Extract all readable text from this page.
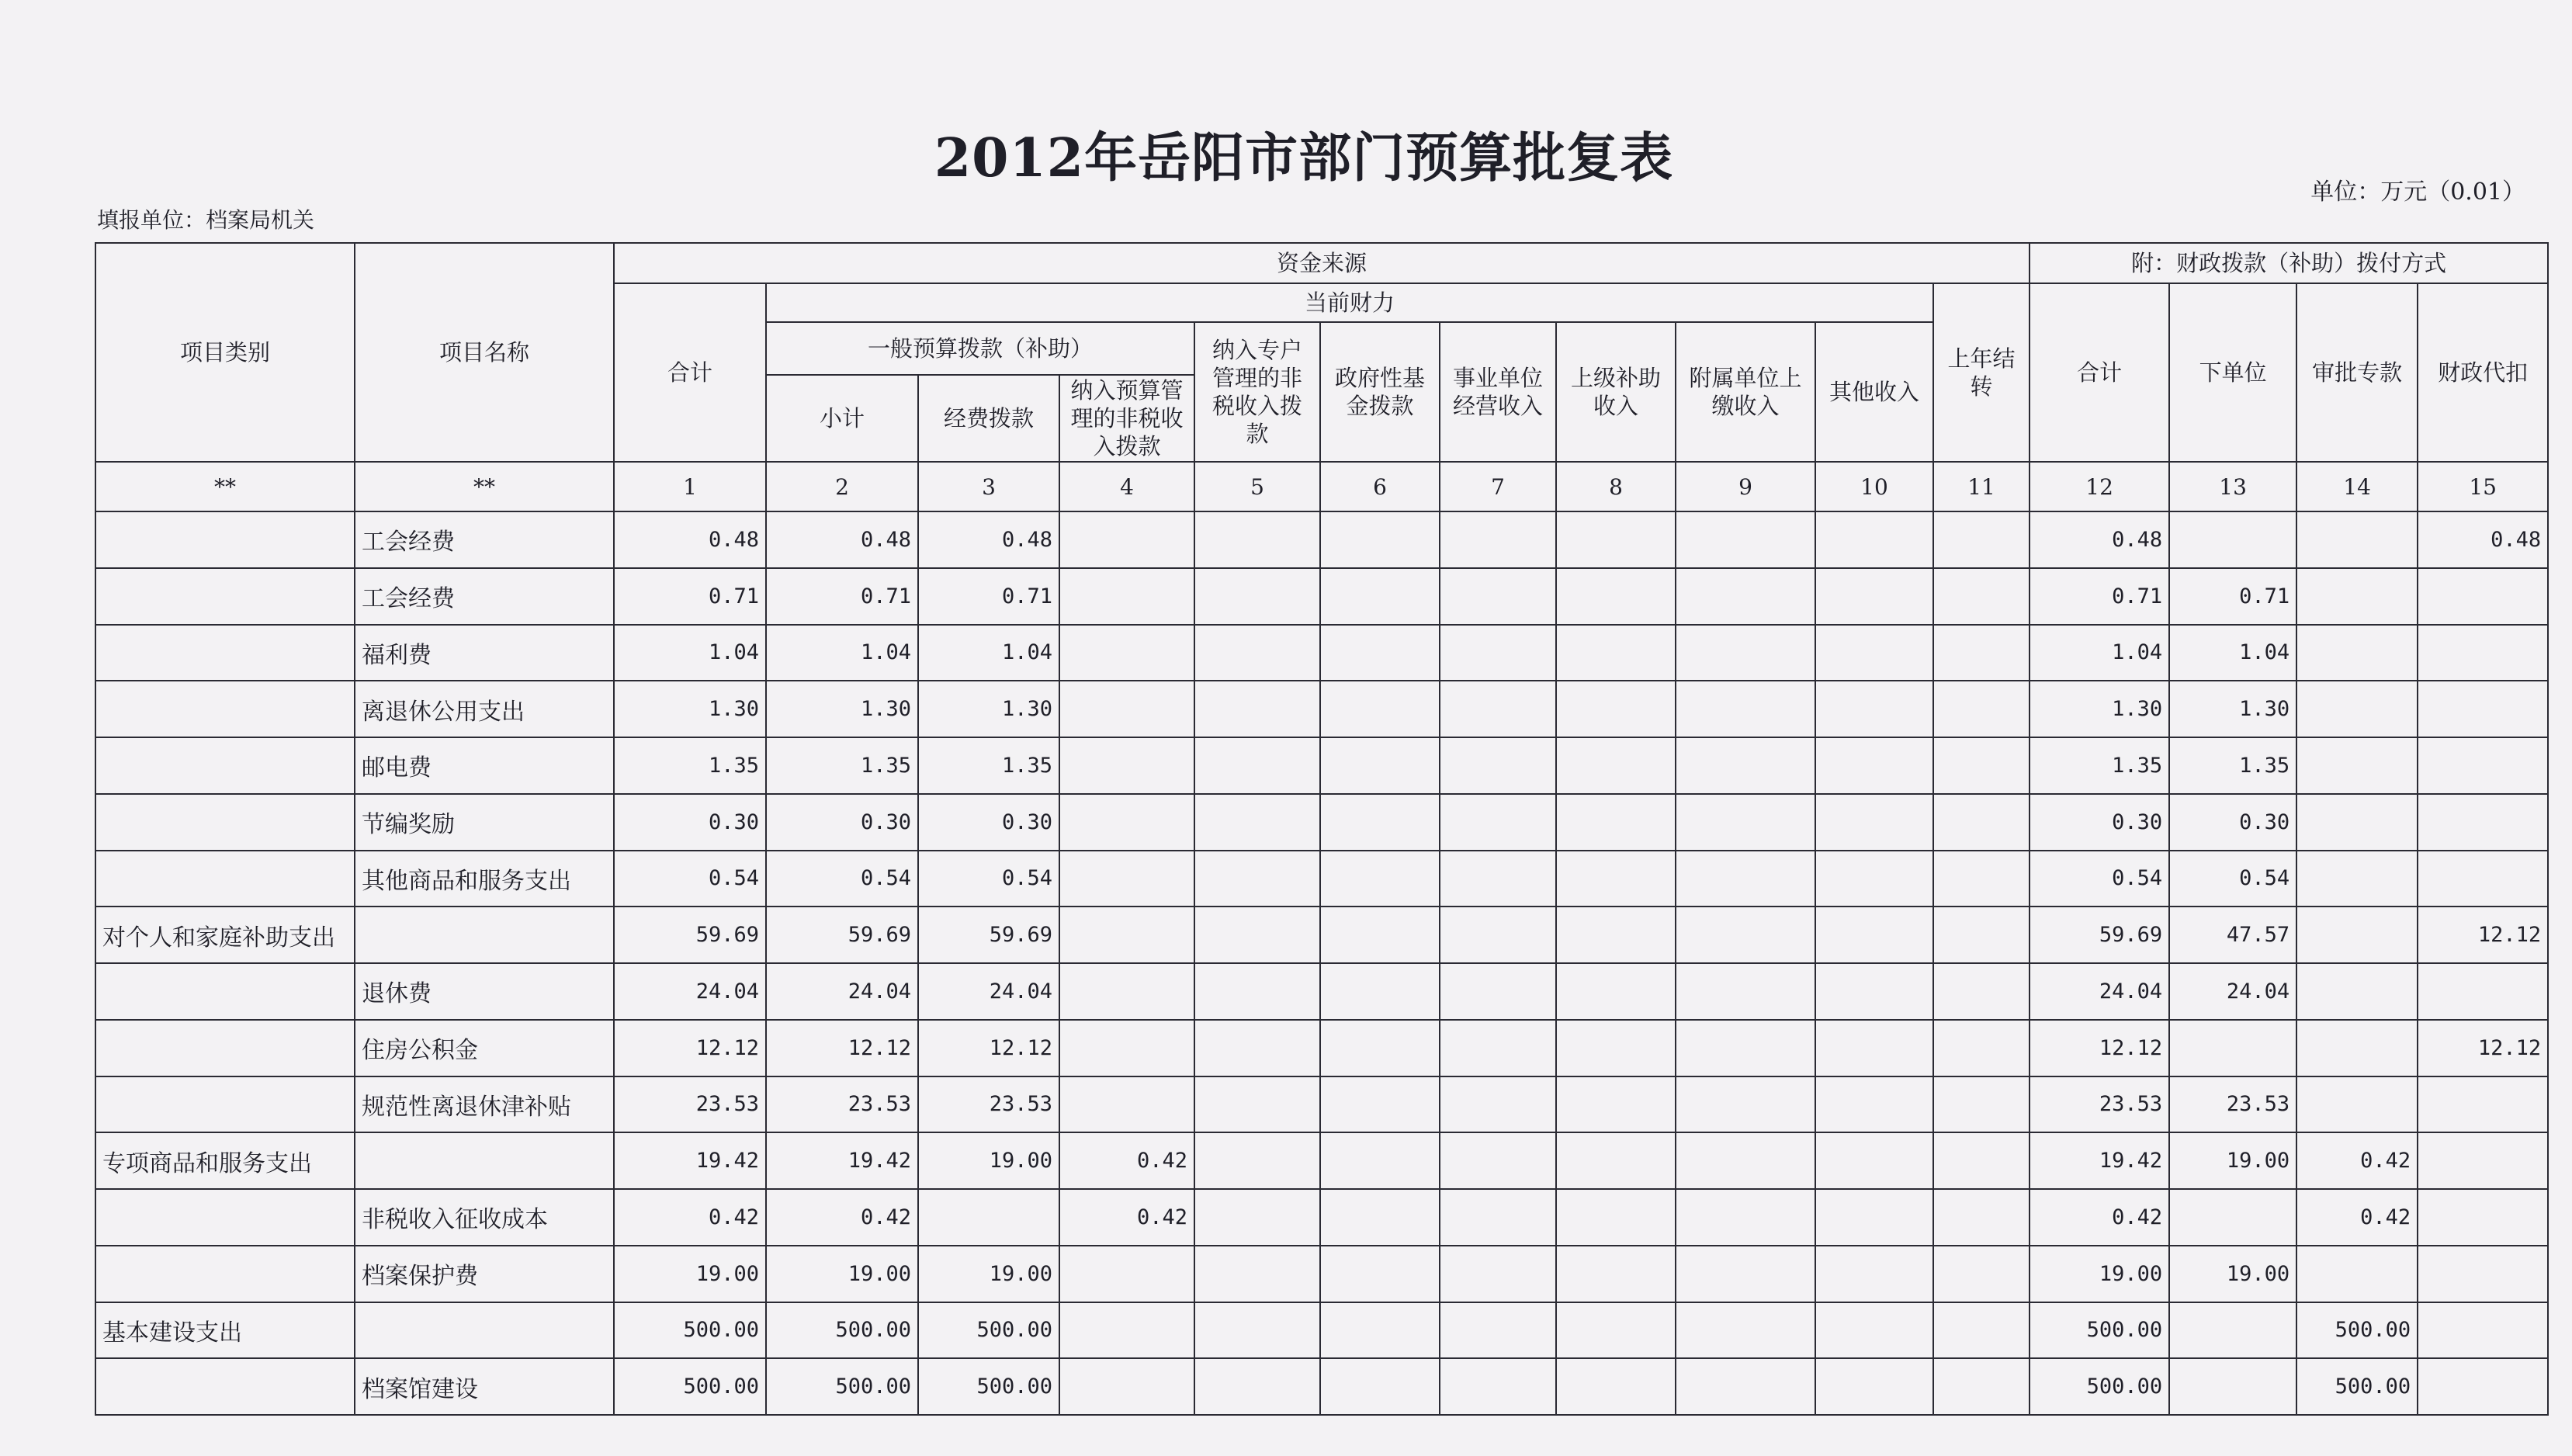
2012年岳阳市部门预算批复表
单位：万元（0.01）
填报单位：档案局机关
项目类别	项目名称	资金来源											附：财政拨款（补助）拨付方式			
		合计	当前财力									上年结转	合计	下单位	审批专款	财政代扣
			一般预算拨款（补助）			纳入专户管理的非税收入拨款	政府性基金拨款	事业单位经营收入	上级补助收入	附属单位上缴收入	其他收入					
			小计	经费拨款	纳入预算管理的非税收入拨款											
**	**	1	2	3	4	5	6	7	8	9	10	11	12	13	14	15
	工会经费	0.48	0.48	0.48									0.48			0.48
	工会经费	0.71	0.71	0.71									0.71	0.71		
	福利费	1.04	1.04	1.04									1.04	1.04		
	离退休公用支出	1.30	1.30	1.30									1.30	1.30		
	邮电费	1.35	1.35	1.35									1.35	1.35		
	节编奖励	0.30	0.30	0.30									0.30	0.30		
	其他商品和服务支出	0.54	0.54	0.54									0.54	0.54		
对个人和家庭补助支出		59.69	59.69	59.69									59.69	47.57		12.12
	退休费	24.04	24.04	24.04									24.04	24.04		
	住房公积金	12.12	12.12	12.12									12.12			12.12
	规范性离退休津补贴	23.53	23.53	23.53									23.53	23.53		
专项商品和服务支出		19.42	19.42	19.00	0.42								19.42	19.00	0.42	
	非税收入征收成本	0.42	0.42		0.42								0.42		0.42	
	档案保护费	19.00	19.00	19.00									19.00	19.00		
基本建设支出		500.00	500.00	500.00									500.00		500.00	
	档案馆建设	500.00	500.00	500.00									500.00		500.00	
